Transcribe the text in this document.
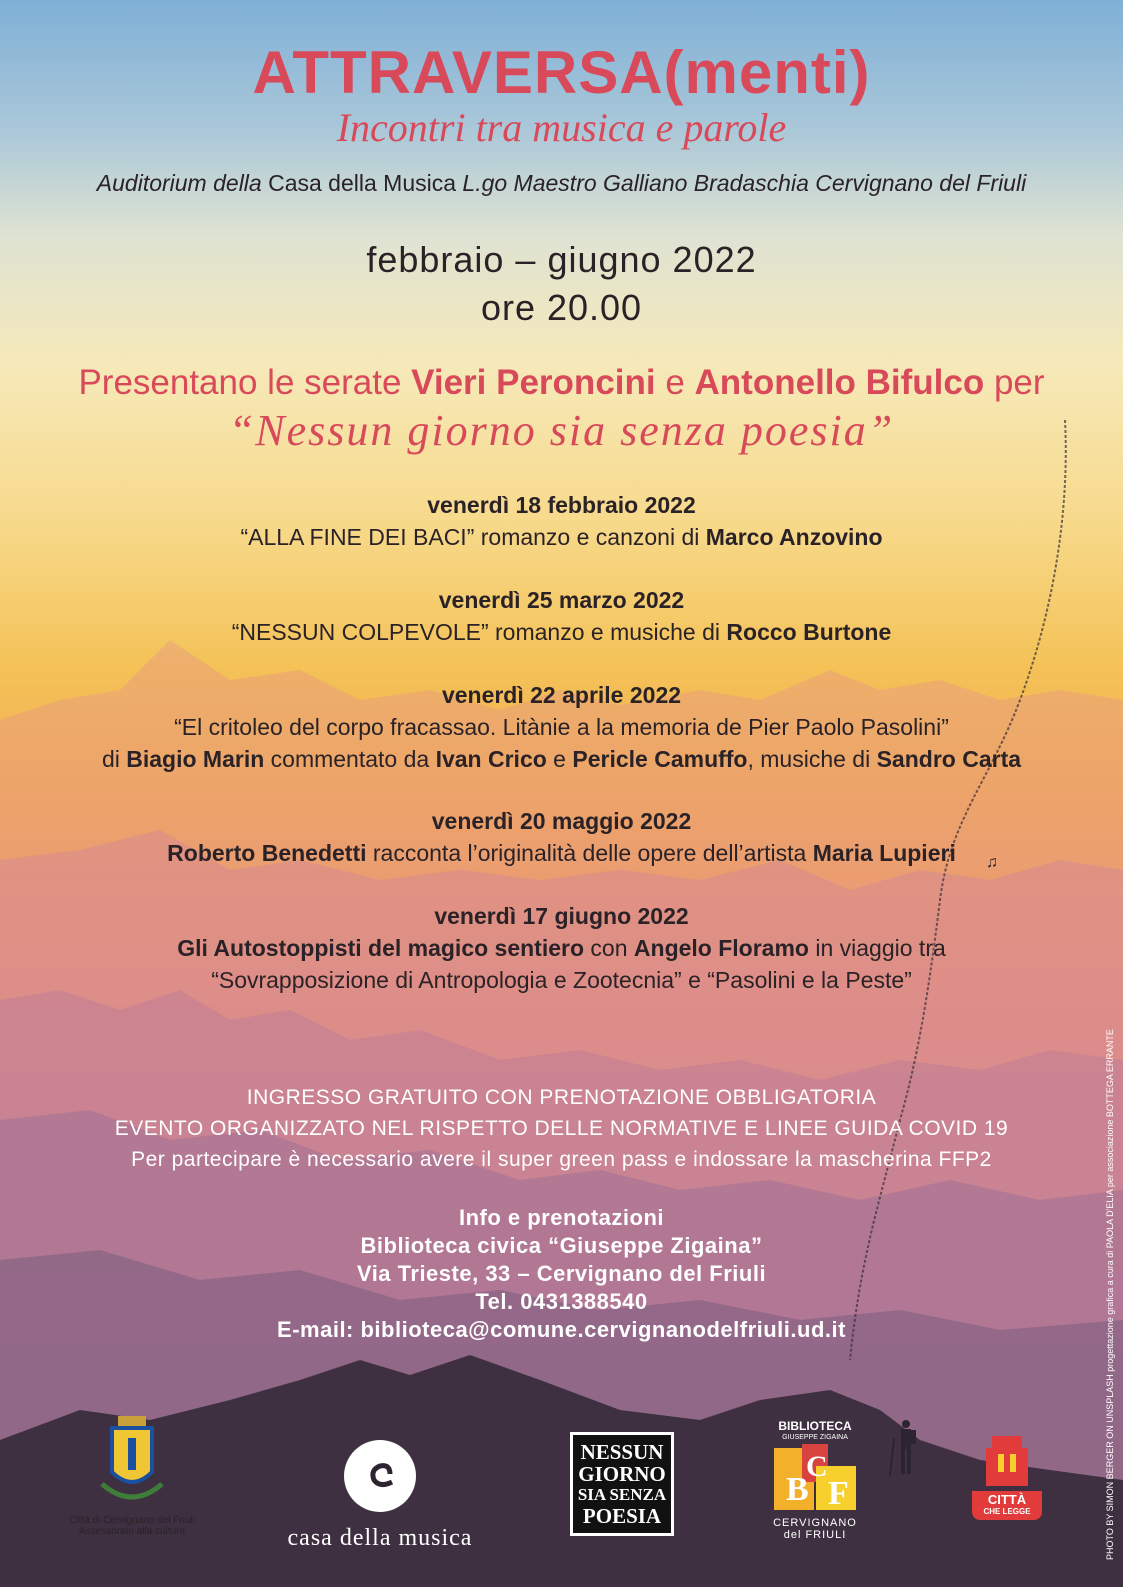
ATTRAVERSA(menti)
Incontri tra musica e parole
Auditorium della Casa della Musica L.go Maestro Galliano Bradaschia Cervignano del Friuli
febbraio – giugno 2022
ore 20.00
Presentano le serate Vieri Peroncini e Antonello Bifulco per
“Nessun giorno sia senza poesia”
venerdì 18 febbraio 2022
“ALLA FINE DEI BACI” romanzo e canzoni di Marco Anzovino
venerdì 25 marzo 2022
“NESSUN COLPEVOLE” romanzo e musiche di Rocco Burtone
venerdì 22 aprile 2022
“El critoleo del corpo fracassao. Litànie a la memoria de Pier Paolo Pasolini”
di Biagio Marin commentato da Ivan Crico e Pericle Camuffo, musiche di Sandro Carta
venerdì 20 maggio 2022
Roberto Benedetti racconta l’originalità delle opere dell’artista Maria Lupieri
venerdì 17 giugno 2022
Gli Autostoppisti del magico sentiero con Angelo Floramo in viaggio tra
“Sovrapposizione di Antropologia e Zootecnia” e “Pasolini e la Peste”
♫
INGRESSO GRATUITO CON PRENOTAZIONE OBBLIGATORIA
EVENTO ORGANIZZATO NEL RISPETTO DELLE NORMATIVE E LINEE GUIDA COVID 19
Per partecipare è necessario avere il super green pass e indossare la mascherina FFP2
Info e prenotazioni
Biblioteca civica “Giuseppe Zigaina”
Via Trieste, 33 – Cervignano del Friuli
Tel. 0431388540
E-mail: biblioteca@comune.cervignanodelfriuli.ud.it	PHOTO BY SIMON BERGER ON UNSPLASH progettazione grafica a cura di PAOLA D'ELIA per associazione BOTTEGA ERRANTE
Città di Cervignano del Friuli
Assessorato alla cultura	casa della musica
NESSUN
GIORNO
SIA SENZA
POESIA
BIBLIOTECA
GIUSEPPE ZIGAINA
B
C
F
CERVIGNANO
del FRIULI
CITTÀ
CHE LEGGE
